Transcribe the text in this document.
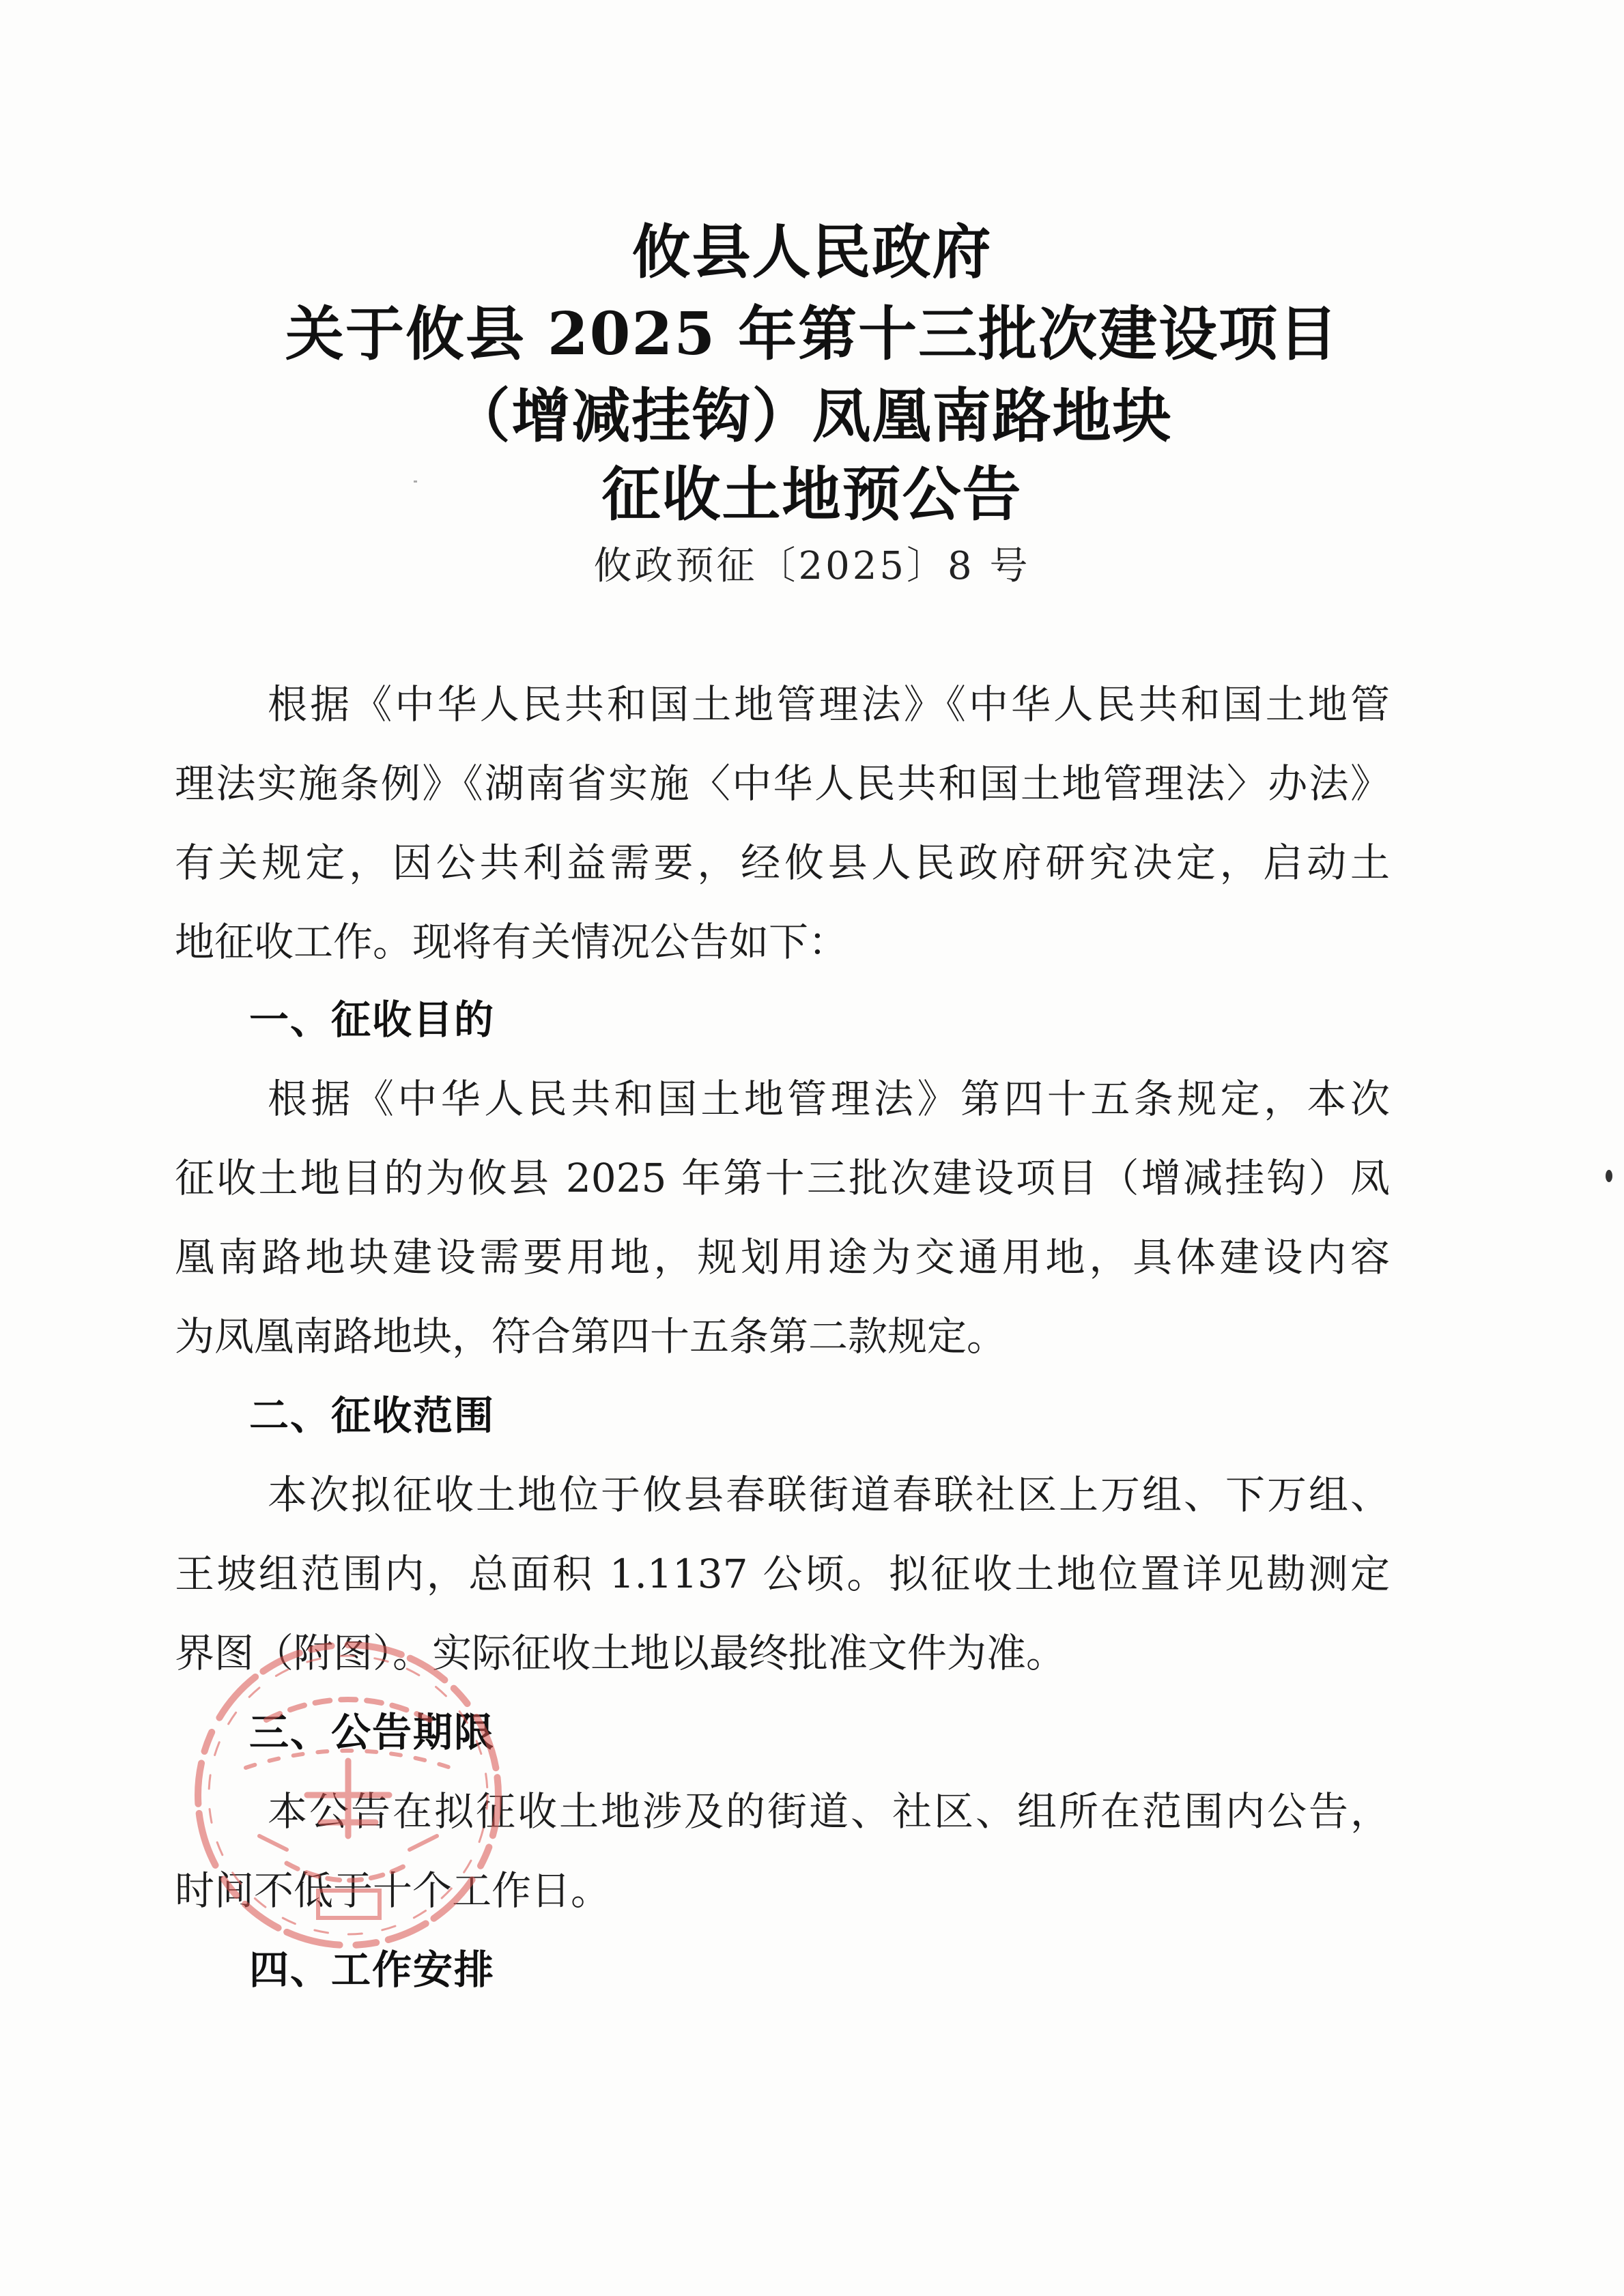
攸县人民政府
关于攸县 2025 年第十三批次建设项目
（增减挂钩）凤凰南路地块
征收土地预公告
攸政预征〔2025〕8 号
根据《中华人民共和国土地管理法》《中华人民共和国土地管
理法实施条例》《湖南省实施〈中华人民共和国土地管理法〉办法》
有关规定，因公共利益需要，经攸县人民政府研究决定，启动土
地征收工作。现将有关情况公告如下：
一、征收目的
根据《中华人民共和国土地管理法》第四十五条规定，本次
征收土地目的为攸县 2025 年第十三批次建设项目（增减挂钩）凤
凰南路地块建设需要用地，规划用途为交通用地，具体建设内容
为凤凰南路地块，符合第四十五条第二款规定。
二、征收范围
本次拟征收土地位于攸县春联街道春联社区上万组、下万组、
王坡组范围内，总面积 1.1137 公顷。拟征收土地位置详见勘测定
界图（附图）。实际征收土地以最终批准文件为准。
三、公告期限
本公告在拟征收土地涉及的街道、社区、组所在范围内公告，
时间不低于十个工作日。
四、工作安排
